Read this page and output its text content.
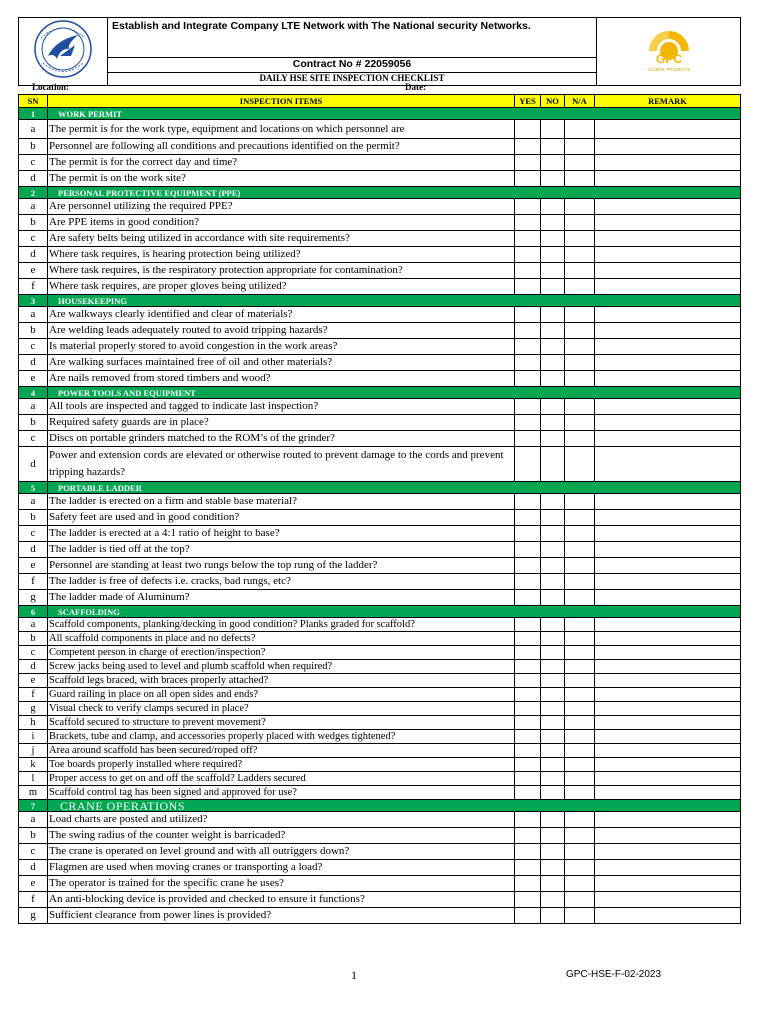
	Establish and Integrate Company LTE Network with The National security Networks.	
GPC
GLOBAL PROJECTS

Contract No # 22059056
DAILY HSE SITE INSPECTION CHECKLIST
Location:	Date:
SN	INSPECTION ITEMS	YES	NO	N/A	REMARK
1	WORK PERMIT				
a	The permit is for the work type, equipment and locations on which personnel are				
b	Personnel are following all conditions and precautions identified on the permit?				
c	The permit is for the correct day and time?				
d	The permit is on the work site?				
2	PERSONAL PROTECTIVE EQUIPMENT (PPE)				
a	Are personnel utilizing the required PPE?				
b	Are PPE items in good condition?				
c	Are safety belts being utilized in accordance with site requirements?				
d	Where task requires, is hearing protection being utilized?				
e	Where task requires, is the respiratory protection appropriate for contamination?				
f	Where task requires, are proper gloves being utilized?				
3	HOUSEKEEPING				
a	Are walkways clearly identified and clear of materials?				
b	Are welding leads adequately routed to avoid tripping hazards?				
c	Is material properly stored to avoid congestion in the work areas?				
d	Are walking surfaces maintained free of oil and other materials?				
e	Are nails removed from stored timbers and wood?				
4	POWER TOOLS AND EQUIPMENT				
a	All tools are inspected and tagged to indicate last inspection?				
b	Required safety guards are in place?				
c	Discs on portable grinders matched to the ROM’s of the grinder?				
d	Power and extension cords are elevated or otherwise routed to prevent damage to the cords and prevent tripping hazards?				
5	PORTABLE LADDER				
a	The ladder is erected on a firm and stable base material?				
b	Safety feet are used and in good condition?				
c	The ladder is erected at a 4:1 ratio of height to base?				
d	The ladder is tied off at the top?				
e	Personnel are standing at least two rungs below the top rung of the ladder?				
f	The ladder is free of defects i.e. cracks, bad rungs, etc?				
g	The ladder made of Aluminum?				
6	SCAFFOLDING				
a	Scaffold components, planking/decking in good condition? Planks graded for scaffold?				
b	All scaffold components in place and no defects?				
c	Competent person in charge of erection/inspection?				
d	Screw jacks being used to level and plumb scaffold when required?				
e	Scaffold legs braced, with braces properly attached?				
f	Guard railing in place on all open sides and ends?				
g	Visual check to verify clamps secured in place?				
h	Scaffold secured to structure to prevent movement?				
i	Brackets, tube and clamp, and accessories properly placed with wedges tightened?				
j	Area around scaffold has been secured/roped off?				
k	Toe boards properly installed where required?				
l	Proper access to get on and off the scaffold? Ladders secured				
m	Scaffold control tag has been signed and approved for use?				
7	CRANE OPERATIONS				
a	Load charts are posted and utilized?				
b	The swing radius of the counter weight is barricaded?				
c	The crane is operated on level ground and with all outriggers down?				
d	Flagmen are used when moving cranes or transporting a load?				
e	The operator is trained for the specific crane he uses?				
f	An anti-blocking device is provided and checked to ensure it functions?				
g	Sufficient clearance from power lines is provided?				
1	GPC-HSE-F-02-2023
